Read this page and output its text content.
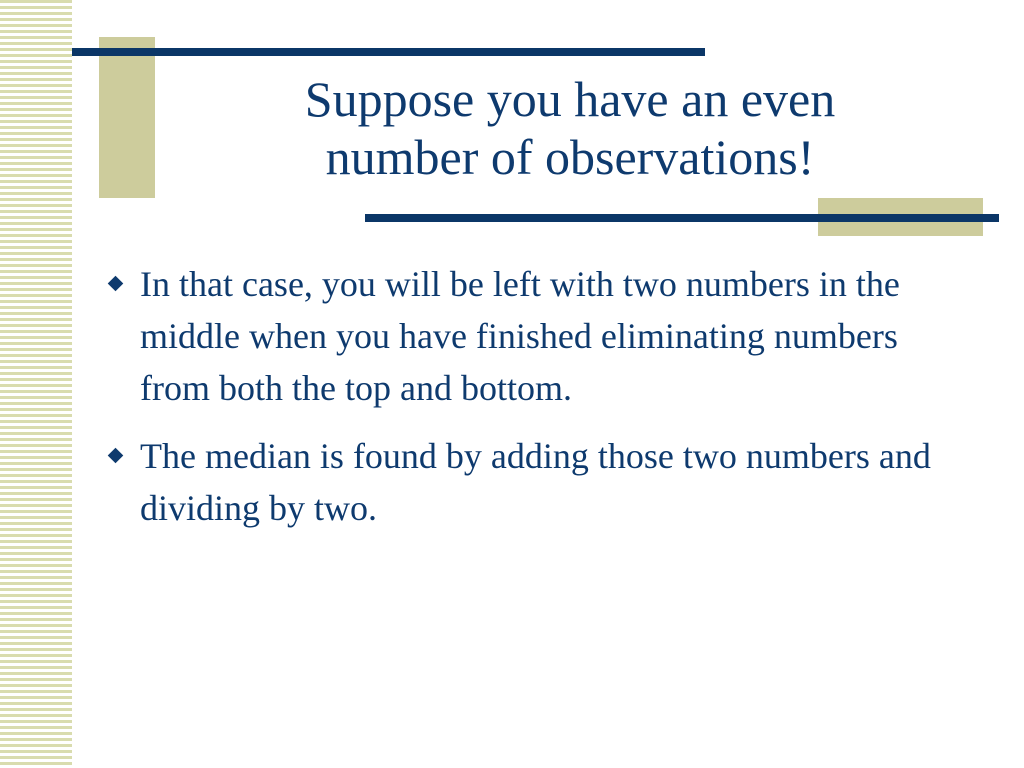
Suppose you have an even
number of observations!
In that case, you will be left with two numbers in the middle when you have finished eliminating numbers from both the top and bottom.
The median is found by adding those two numbers and dividing by two.
